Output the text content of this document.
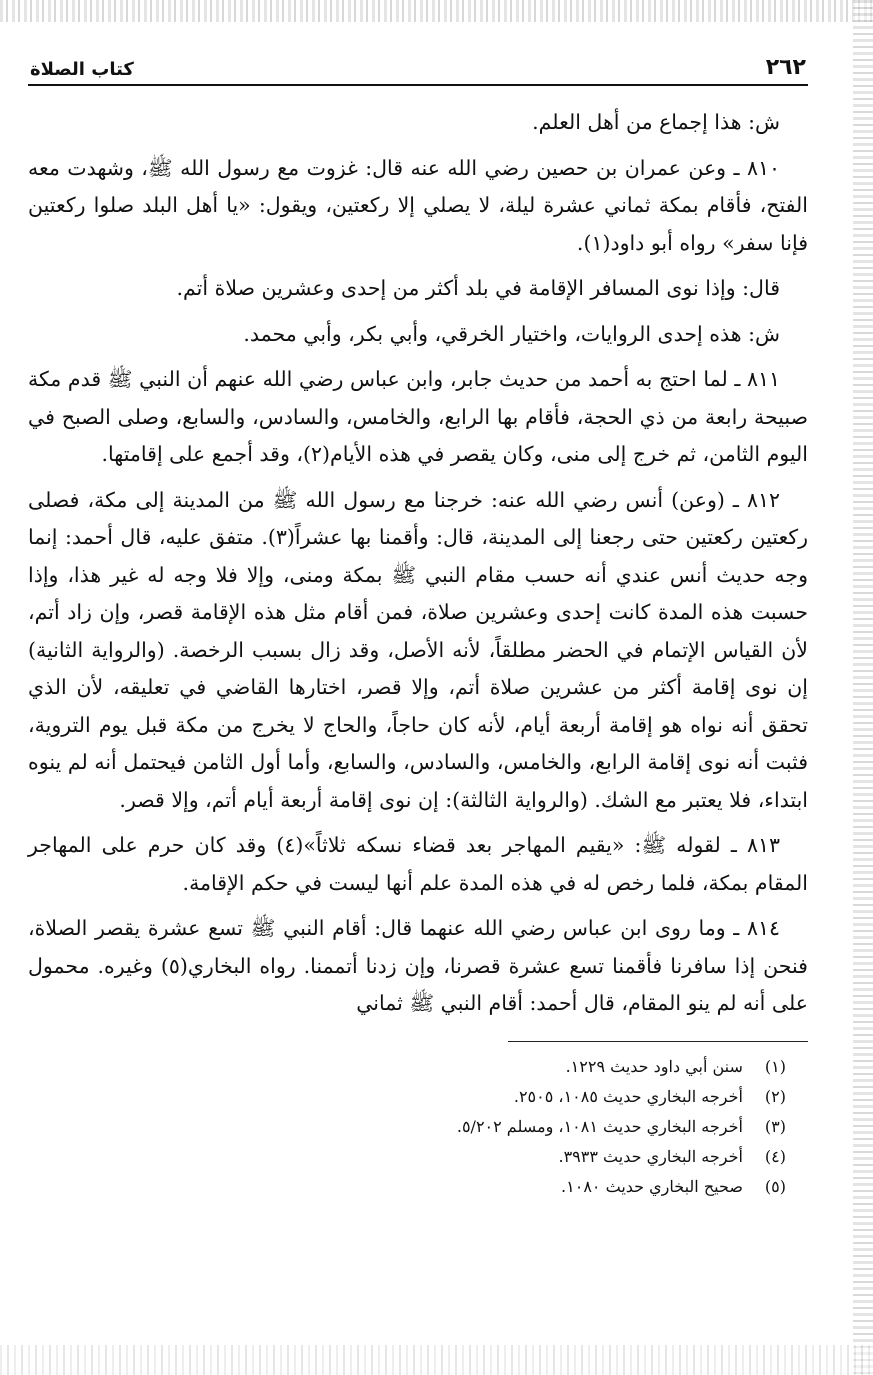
٢٦٢
كتاب الصلاة

ش: هذا إجماع من أهل العلم.

٨١٠ ـ وعن عمران بن حصين رضي الله عنه قال: غزوت مع رسول الله ﷺ، وشهدت معه الفتح، فأقام بمكة ثماني عشرة ليلة، لا يصلي إلا ركعتين، ويقول: «يا أهل البلد صلوا ركعتين فإنا سفر» رواه أبو داود(١).

قال: وإذا نوى المسافر الإقامة في بلد أكثر من إحدى وعشرين صلاة أتم.

ش: هذه إحدى الروايات، واختيار الخرقي، وأبي بكر، وأبي محمد.

٨١١ ـ لما احتج به أحمد من حديث جابر، وابن عباس رضي الله عنهم أن النبي ﷺ قدم مكة صبيحة رابعة من ذي الحجة، فأقام بها الرابع، والخامس، والسادس، والسابع، وصلى الصبح في اليوم الثامن، ثم خرج إلى منى، وكان يقصر في هذه الأيام(٢)، وقد أجمع على إقامتها.

٨١٢ ـ (وعن) أنس رضي الله عنه: خرجنا مع رسول الله ﷺ من المدينة إلى مكة، فصلى ركعتين ركعتين حتى رجعنا إلى المدينة، قال: وأقمنا بها عشراً(٣). متفق عليه، قال أحمد: إنما وجه حديث أنس عندي أنه حسب مقام النبي ﷺ بمكة ومنى، وإلا فلا وجه له غير هذا، وإذا حسبت هذه المدة كانت إحدى وعشرين صلاة، فمن أقام مثل هذه الإقامة قصر، وإن زاد أتم، لأن القياس الإتمام في الحضر مطلقاً، لأنه الأصل، وقد زال بسبب الرخصة. (والرواية الثانية) إن نوى إقامة أكثر من عشرين صلاة أتم، وإلا قصر، اختارها القاضي في تعليقه، لأن الذي تحقق أنه نواه هو إقامة أربعة أيام، لأنه كان حاجاً، والحاج لا يخرج من مكة قبل يوم التروية، فثبت أنه نوى إقامة الرابع، والخامس، والسادس، والسابع، وأما أول الثامن فيحتمل أنه لم ينوه ابتداء، فلا يعتبر مع الشك. (والرواية الثالثة): إن نوى إقامة أربعة أيام أتم، وإلا قصر.

٨١٣ ـ لقوله ﷺ: «يقيم المهاجر بعد قضاء نسكه ثلاثاً»(٤) وقد كان حرم على المهاجر المقام بمكة، فلما رخص له في هذه المدة علم أنها ليست في حكم الإقامة.

٨١٤ ـ وما روى ابن عباس رضي الله عنهما قال: أقام النبي ﷺ تسع عشرة يقصر الصلاة، فنحن إذا سافرنا فأقمنا تسع عشرة قصرنا، وإن زدنا أتممنا. رواه البخاري(٥) وغيره. محمول على أنه لم ينو المقام، قال أحمد: أقام النبي ﷺ ثماني

(١) سنن أبي داود حديث ١٢٢٩.

(٢) أخرجه البخاري حديث ١٠٨٥، ٢٥٠٥.

(٣) أخرجه البخاري حديث ١٠٨١، ومسلم ٥/٢٠٢.

(٤) أخرجه البخاري حديث ٣٩٣٣.

(٥) صحيح البخاري حديث ١٠٨٠.
